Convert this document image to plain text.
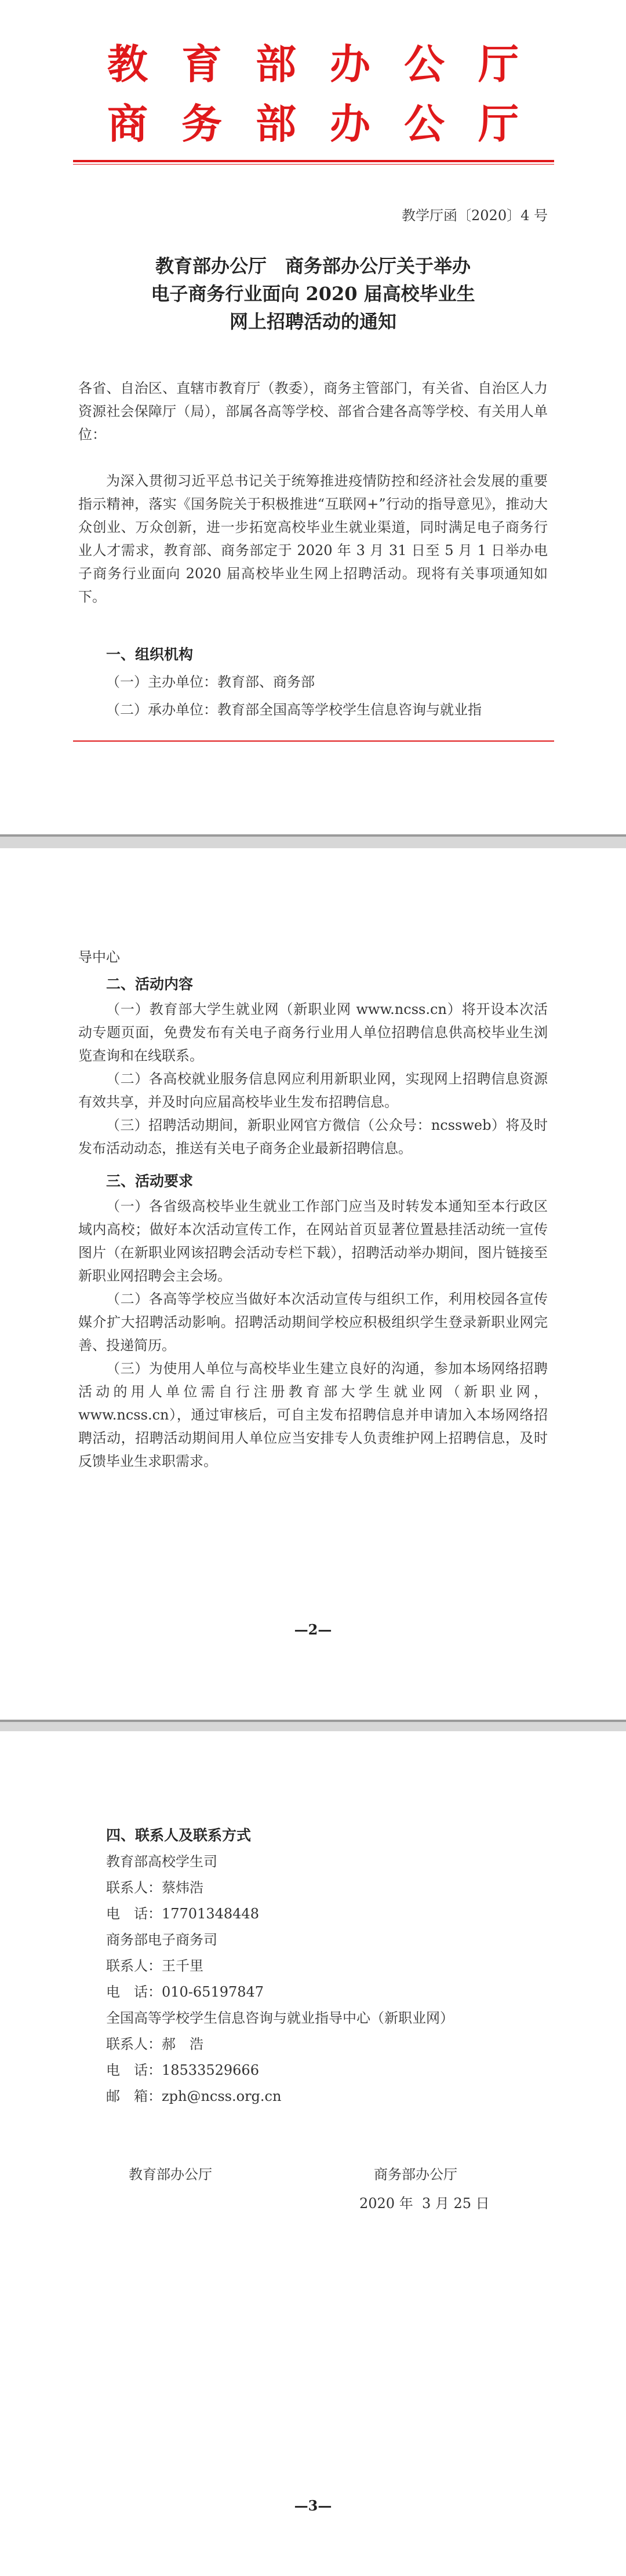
教育部办公厅
商务部办公厅
教学厅函〔2020〕4 号
教育部办公厅　商务部办公厅关于举办
电子商务行业面向 2020 届高校毕业生
网上招聘活动的通知

各省、自治区、直辖市教育厅（教委），商务主管部门，有关省、自治区人力资源社会保障厅（局），部属各高等学校、部省合建各高等学校、有关用人单位：

为深入贯彻习近平总书记关于统筹推进疫情防控和经济社会发展的重要指示精神，落实《国务院关于积极推进“互联网+”行动的指导意见》，推动大众创业、万众创新，进一步拓宽高校毕业生就业渠道，同时满足电子商务行业人才需求，教育部、商务部定于 2020 年 3 月 31 日至 5 月 1 日举办电子商务行业面向 2020 届高校毕业生网上招聘活动。现将有关事项通知如下。

一、组织机构
（一）主办单位：教育部、商务部
（二）承办单位：教育部全国高等学校学生信息咨询与就业指
导中心
二、活动内容

（一）教育部大学生就业网（新职业网 www.ncss.cn）将开设本次活动专题页面，免费发布有关电子商务行业用人单位招聘信息供高校毕业生浏览查询和在线联系。

（二）各高校就业服务信息网应利用新职业网，实现网上招聘信息资源有效共享，并及时向应届高校毕业生发布招聘信息。

（三）招聘活动期间，新职业网官方微信（公众号：ncssweb）将及时发布活动动态，推送有关电子商务企业最新招聘信息。

三、活动要求

（一）各省级高校毕业生就业工作部门应当及时转发本通知至本行政区域内高校；做好本次活动宣传工作，在网站首页显著位置悬挂活动统一宣传图片（在新职业网该招聘会活动专栏下载），招聘活动举办期间，图片链接至新职业网招聘会主会场。

（二）各高等学校应当做好本次活动宣传与组织工作，利用校园各宣传媒介扩大招聘活动影响。招聘活动期间学校应积极组织学生登录新职业网完善、投递简历。

（三）为使用人单位与高校毕业生建立良好的沟通，参加本场网络招聘活动的用人单位需自行注册教育部大学生就业网（新职业网，www.ncss.cn），通过审核后，可自主发布招聘信息并申请加入本场网络招聘活动，招聘活动期间用人单位应当安排专人负责维护网上招聘信息，及时反馈毕业生求职需求。

—2—
四、联系人及联系方式
教育部高校学生司
联系人：蔡炜浩
电　话：17701348448
商务部电子商务司
联系人：王千里
电　话：010-65197847
全国高等学校学生信息咨询与就业指导中心（新职业网）
联系人：郝　浩
电　话：18533529666
邮　箱：zph@ncss.org.cn
教育部办公厅	商务部办公厅
2020 年  3 月 25 日
—3—
